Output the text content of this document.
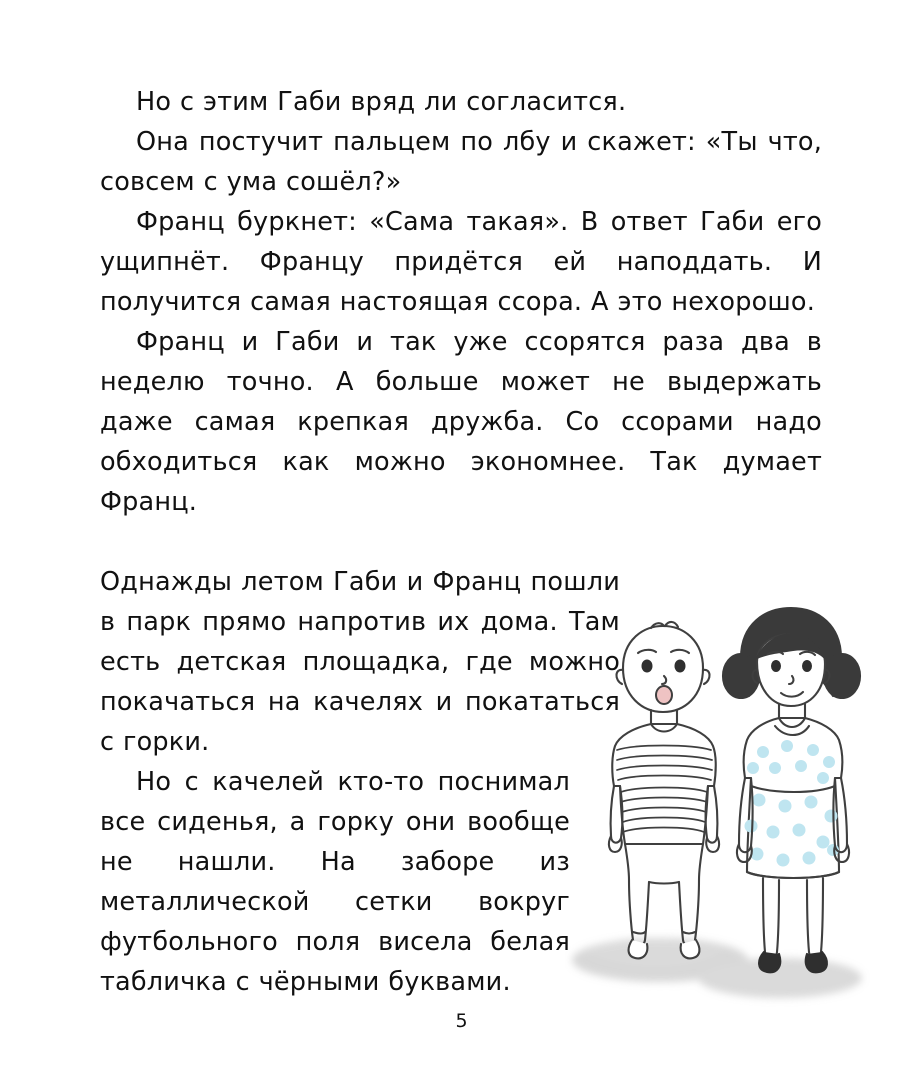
Но с этим Габи вряд ли согласится.

Она постучит пальцем по лбу и скажет: «Ты что, совсем с ума сошёл?»

Франц буркнет: «Сама такая». В ответ Габи его ущипнёт. Францу придётся ей наподдать. И получится самая настоящая ссора. А это нехорошо.

Франц и Габи и так уже ссорятся раза два в неделю точно. А больше может не выдержать даже самая крепкая дружба. Со ссорами надо обходиться как можно экономнее. Так думает Франц.

Однажды летом Габи и Франц пошли в парк прямо напротив их дома. Там есть детская площадка, где можно покачаться на качелях и покататься с горки.

Но с качелей кто-то поснимал все сиденья, а горку они вообще не нашли. На заборе из металлической сетки вокруг футбольного поля висела белая табличка с чёрными буквами.

5
